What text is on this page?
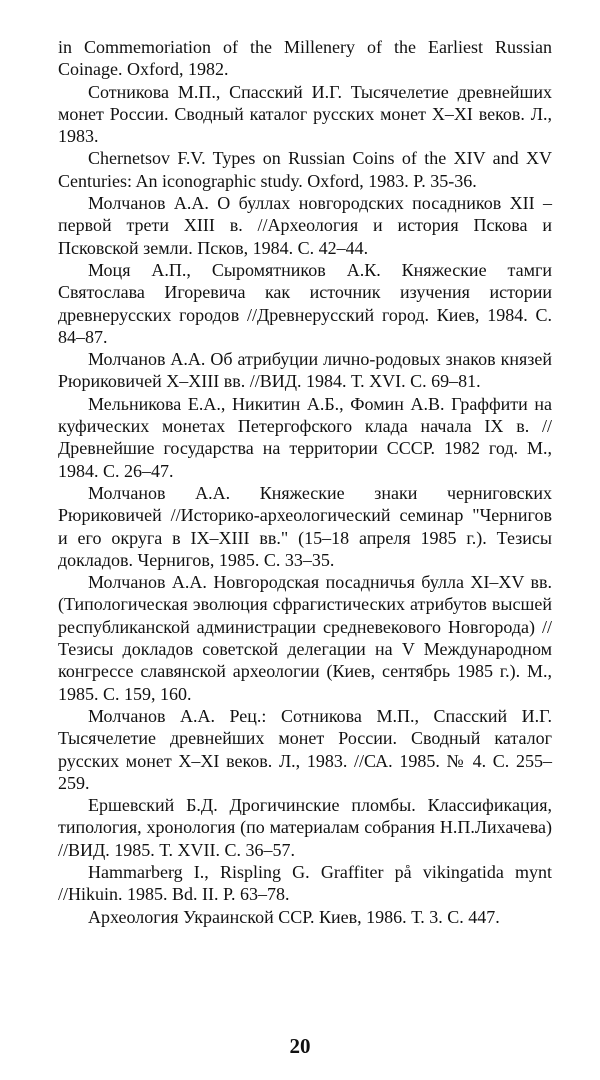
in Commemoriation of the Millenery of the Earliest Russian Coinage. Oxford, 1982.

Сотникова М.П., Спасский И.Г. Тысячелетие древнейших монет России. Сводный каталог русских монет X–XI веков. Л., 1983.

Chernetsov F.V. Types on Russian Coins of the XIV and XV Centuries: An iconographic study. Oxford, 1983. P. 35-36.

Молчанов А.А. О буллах новгородских посадников XII – первой трети XIII в. //Археология и история Пскова и Псковской земли. Псков, 1984. С. 42–44.

Моця А.П., Сыромятников А.К. Княжеские тамги Святослава Игоревича как источник изучения истории древнерусских городов //Древнерусский город. Киев, 1984. С. 84–87.

Молчанов А.А. Об атрибуции лично-родовых знаков князей Рюриковичей X–XIII вв. //ВИД. 1984. Т. XVI. С. 69–81.

Мельникова Е.А., Никитин А.Б., Фомин А.В. Граффити на куфических монетах Петергофского клада начала IX в. //Древнейшие государства на территории СССР. 1982 год. М., 1984. С. 26–47.

Молчанов А.А. Княжеские знаки черниговских Рюриковичей //Историко-археологический семинар "Чернигов и его округа в IX–XIII вв." (15–18 апреля 1985 г.). Тезисы докладов. Чернигов, 1985. С. 33–35.

Молчанов А.А. Новгородская посадничья булла XI–XV вв. (Типологическая эволюция сфрагистических атрибутов высшей республиканской администрации средневекового Новгорода) //Тезисы докладов советской делегации на V Международном конгрессе славянской археологии (Киев, сентябрь 1985 г.). М., 1985. С. 159, 160.

Молчанов А.А. Рец.: Сотникова М.П., Спасский И.Г. Тысячелетие древнейших монет России. Сводный каталог русских монет X–XI веков. Л., 1983. //СА. 1985. № 4. С. 255–259.

Ершевский Б.Д. Дрогичинские пломбы. Классификация, типология, хронология (по материалам собрания Н.П.Лихачева) //ВИД. 1985. Т. XVII. С. 36–57.

Hammarberg I., Rispling G. Graffiter på vikingatida mynt //Hikuin. 1985. Bd. II. P. 63–78.

Археология Украинской ССР. Киев, 1986. Т. 3. С. 447.

20
